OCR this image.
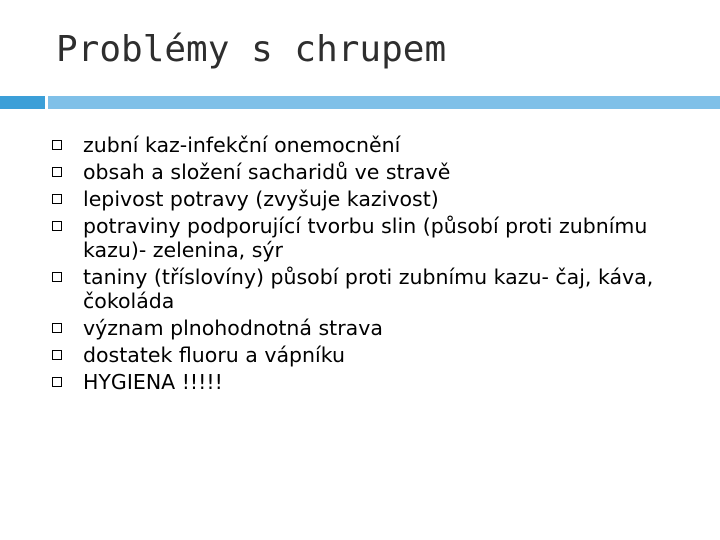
Problémy s chrupem
zubní kaz-infekční onemocnění
obsah a složení sacharidů ve stravě
lepivost potravy (zvyšuje kazivost)
potraviny podporující tvorbu slin (působí proti zubnímu kazu)- zelenina, sýr
taniny (tříslovíny) působí proti zubnímu kazu- čaj, káva, čokoláda
význam plnohodnotná strava
dostatek fluoru a vápníku
HYGIENA !!!!!
